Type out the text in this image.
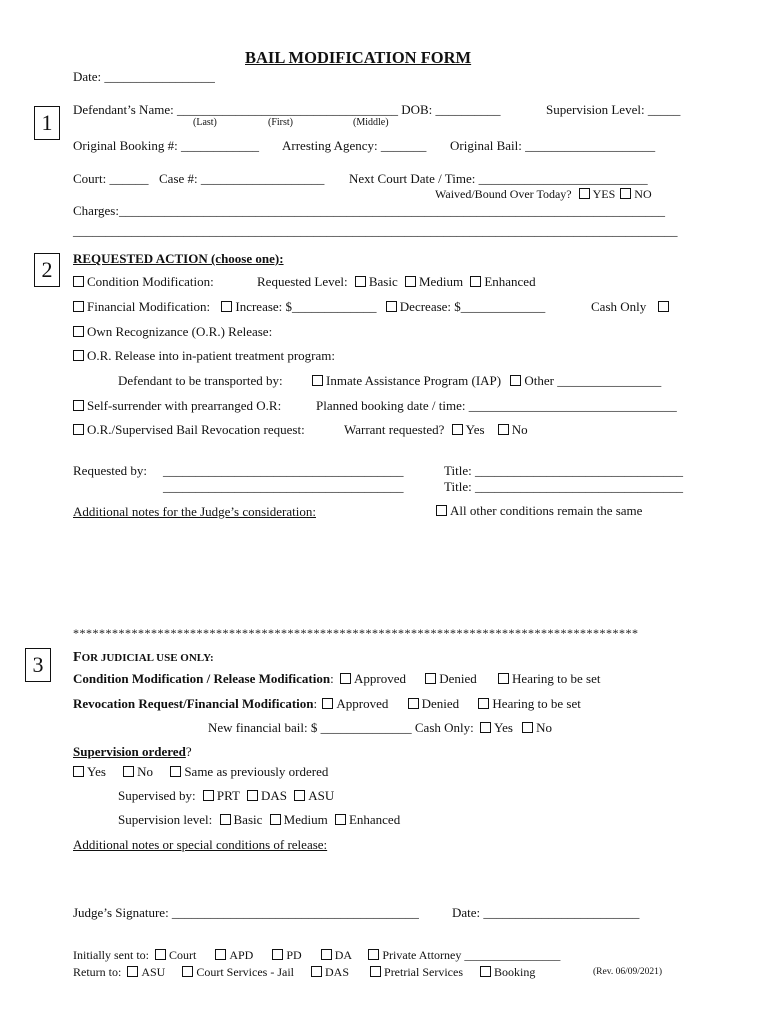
BAIL MODIFICATION FORM
Date: _________________
1
2
3
Defendant’s Name: __________________________________ DOB: __________	Supervision Level: _____
(Last)	(First)	(Middle)
Original Booking #: ____________ Arresting Agency: _______ Original Bail: ____________________
Court: ______ Case #: ___________________ Next Court Date / Time: __________________________
Waived/Bound Over Today? YES NO
Charges:____________________________________________________________________________________
_____________________________________________________________________________________________
REQUESTED ACTION (choose one):
Condition Modification:	Requested Level: Basic Medium Enhanced
Financial Modification: Increase: $_____________ Decrease: $_____________	Cash Only
Own Recognizance (O.R.) Release:
O.R. Release into in-patient treatment program:
Defendant to be transported by:	Inmate Assistance Program (IAP) Other ________________
Self-surrender with prearranged O.R:	Planned booking date / time: ________________________________
O.R./Supervised Bail Revocation request:	Warrant requested? Yes No
Requested by: _____________________________________	Title: ________________________________
_____________________________________	Title: ________________________________
Additional notes for the Judge’s consideration:	All other conditions remain the same
***************************************************************************************
FOR JUDICIAL USE ONLY:
Condition Modification / Release Modification: Approved	Denied	Hearing to be set
Revocation Request/Financial Modification: Approved	Denied	Hearing to be set
New financial bail: $ ______________ Cash Only: Yes No
Supervision ordered?
Yes No Same as previously ordered
Supervised by: PRT DAS ASU
Supervision level: Basic Medium Enhanced
Additional notes or special conditions of release:
Judge’s Signature: ______________________________________	Date: ________________________
Initially sent to: Court	APD	PD	DA	Private Attorney ________________
Return to: ASU	Court Services - Jail	DAS	Pretrial Services	Booking	(Rev. 06/09/2021)
